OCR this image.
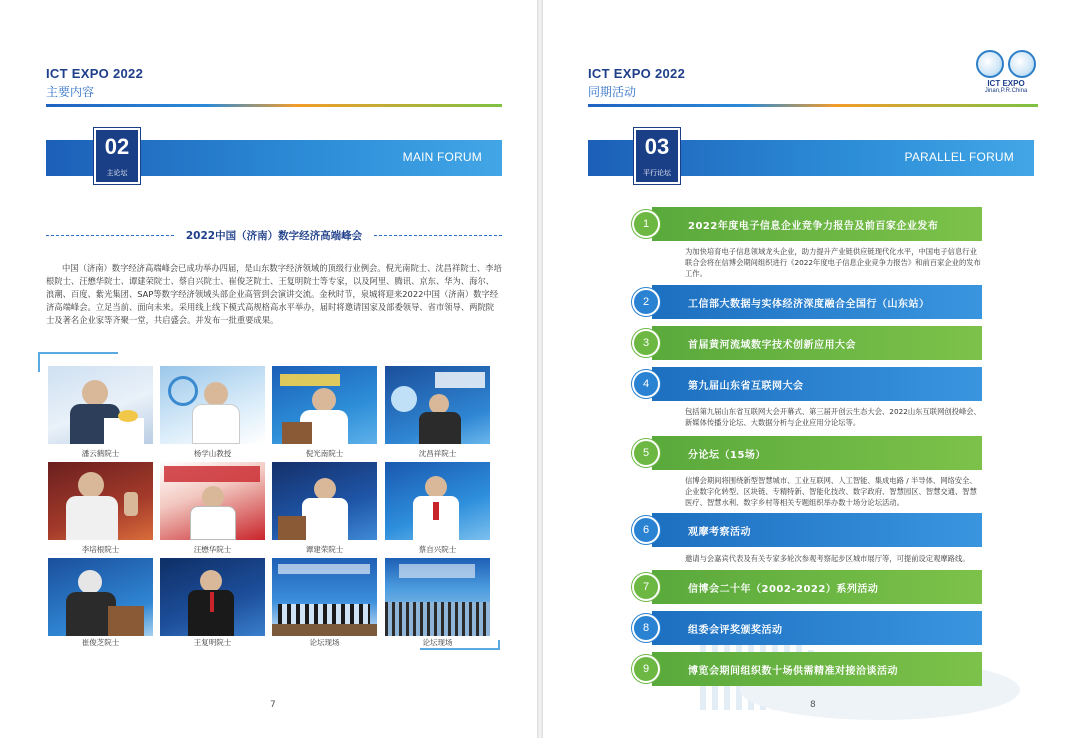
ICT EXPO 2022
主要内容
MAIN FORUM
02
主论坛
2022中国（济南）数字经济高端峰会

中国（济南）数字经济高端峰会已成功举办四届，是山东数字经济领域的顶级行业例会。倪光南院士、沈昌祥院士、李培根院士、汪懋华院士、谭建荣院士、蔡自兴院士、崔俊芝院士、王复明院士等专家，以及阿里、腾讯、京东、华为、海尔、浪潮、百度、紫光集团、SAP等数字经济领域头部企业高管到会演讲交流。金秋时节，泉城将迎来2022中国（济南）数字经济高端峰会。立足当前、面向未来。采用线上线下模式高规格高水平举办，届时将邀请国家及部委领导、省市领导、两院院士及著名企业家等齐聚一堂，共启盛会。并发布一批重要成果。

潘云鹤院士	杨学山教授	倪光南院士	沈昌祥院士
李培根院士	汪懋华院士	谭建荣院士	蔡自兴院士
崔俊芝院士	王复明院士	论坛现场	论坛现场
7
ICT EXPO 2022
同期活动
ICT EXPO
Jinan,P.R.China
PARALLEL FORUM
03
平行论坛
2022年度电子信息企业竞争力报告及前百家企业发布
1
为加快培育电子信息领域龙头企业，助力提升产业链供应链现代化水平，中国电子信息行业联合会将在信博会期间组织进行《2022年度电子信息企业竞争力报告》和前百家企业的发布工作。
工信部大数据与实体经济深度融合全国行（山东站）
2
首届黄河流域数字技术创新应用大会
3
第九届山东省互联网大会
4
包括第九届山东省互联网大会开幕式、第三届开创云生态大会、2022山东互联网创投峰会、新媒体传播分论坛、大数据分析与企业应用分论坛等。
分论坛（15场）
5
信博会期间将围绕新型智慧城市、工业互联网、人工智能、集成电路 / 半导体、网络安全、企业数字化转型、区块链、专精特新、智能化技改、数字政府、智慧园区、智慧交通、智慧医疗、智慧水利、数字乡村等相关专题组织举办数十场分论坛活动。
观摩考察活动
6
邀请与会嘉宾代表及有关专家多轮次参观考察起步区城市展厅等，可提前设定观摩路线。
信博会二十年（2002-2022）系列活动
7
组委会评奖颁奖活动
8
博览会期间组织数十场供需精准对接洽谈活动
9
8
